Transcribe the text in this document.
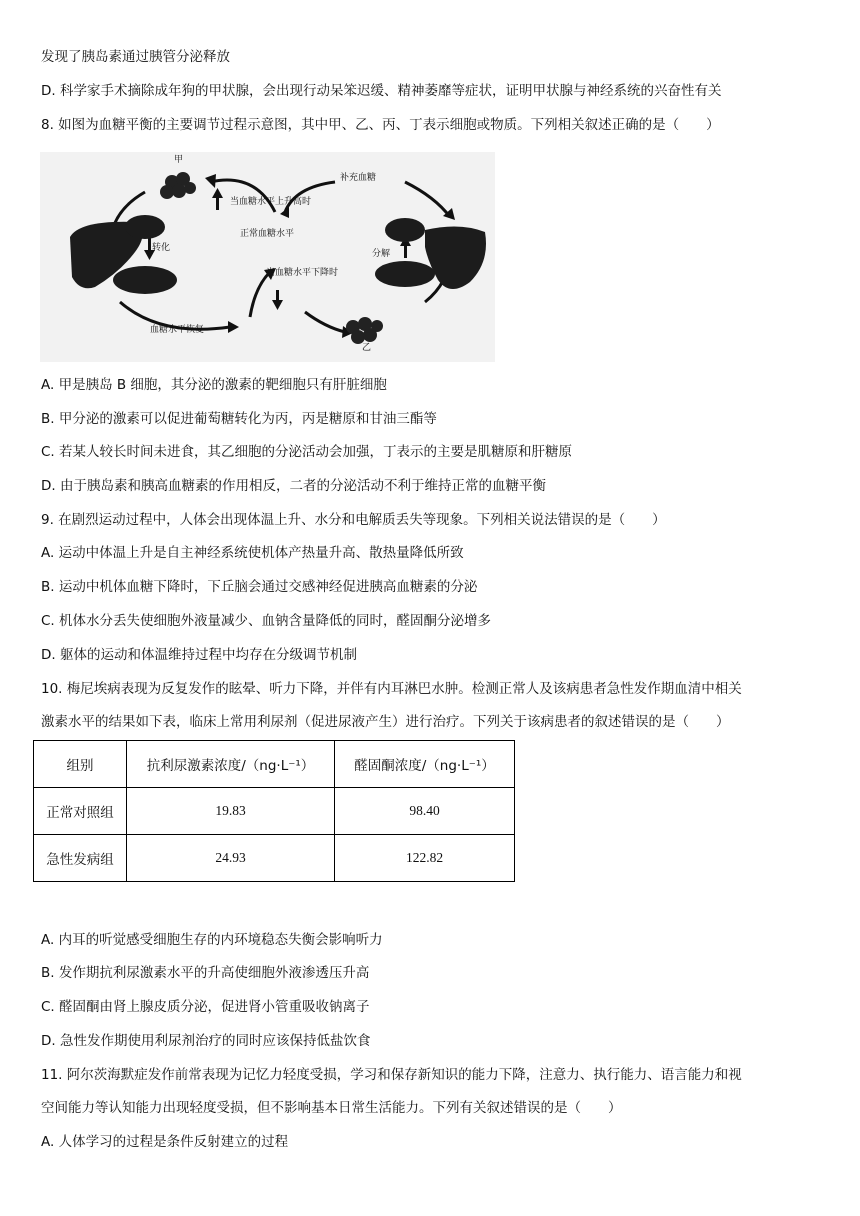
发现了胰岛素通过胰管分泌释放
D. 科学家手术摘除成年狗的甲状腺，会出现行动呆笨迟缓、精神萎靡等症状，证明甲状腺与神经系统的兴奋性有关
8. 如图为血糖平衡的主要调节过程示意图，其中甲、乙、丙、丁表示细胞或物质。下列相关叙述正确的是（　　）
甲
乙
补充血糖
当血糖水平上升高时
正常血糖水平
当血糖水平下降时
转化
分解
血糖水平恢复
A. 甲是胰岛 B 细胞，其分泌的激素的靶细胞只有肝脏细胞
B. 甲分泌的激素可以促进葡萄糖转化为丙，丙是糖原和甘油三酯等
C. 若某人较长时间未进食，其乙细胞的分泌活动会加强，丁表示的主要是肌糖原和肝糖原
D. 由于胰岛素和胰高血糖素的作用相反，二者的分泌活动不利于维持正常的血糖平衡
9. 在剧烈运动过程中，人体会出现体温上升、水分和电解质丢失等现象。下列相关说法错误的是（　　）
A. 运动中体温上升是自主神经系统使机体产热量升高、散热量降低所致
B. 运动中机体血糖下降时，下丘脑会通过交感神经促进胰高血糖素的分泌
C. 机体水分丢失使细胞外液量减少、血钠含量降低的同时，醛固酮分泌增多
D. 躯体的运动和体温维持过程中均存在分级调节机制
10. 梅尼埃病表现为反复发作的眩晕、听力下降，并伴有内耳淋巴水肿。检测正常人及该病患者急性发作期血清中相关
激素水平的结果如下表，临床上常用利尿剂（促进尿液产生）进行治疗。下列关于该病患者的叙述错误的是（　　）
组别	抗利尿激素浓度/（ng·L⁻¹）	醛固酮浓度/（ng·L⁻¹）
正常对照组	19.83	98.40
急性发病组	24.93	122.82
A. 内耳的听觉感受细胞生存的内环境稳态失衡会影响听力
B. 发作期抗利尿激素水平的升高使细胞外液渗透压升高
C. 醛固酮由肾上腺皮质分泌，促进肾小管重吸收钠离子
D. 急性发作期使用利尿剂治疗的同时应该保持低盐饮食
11. 阿尔茨海默症发作前常表现为记忆力轻度受损，学习和保存新知识的能力下降，注意力、执行能力、语言能力和视
空间能力等认知能力出现轻度受损，但不影响基本日常生活能力。下列有关叙述错误的是（　　）
A. 人体学习的过程是条件反射建立的过程
